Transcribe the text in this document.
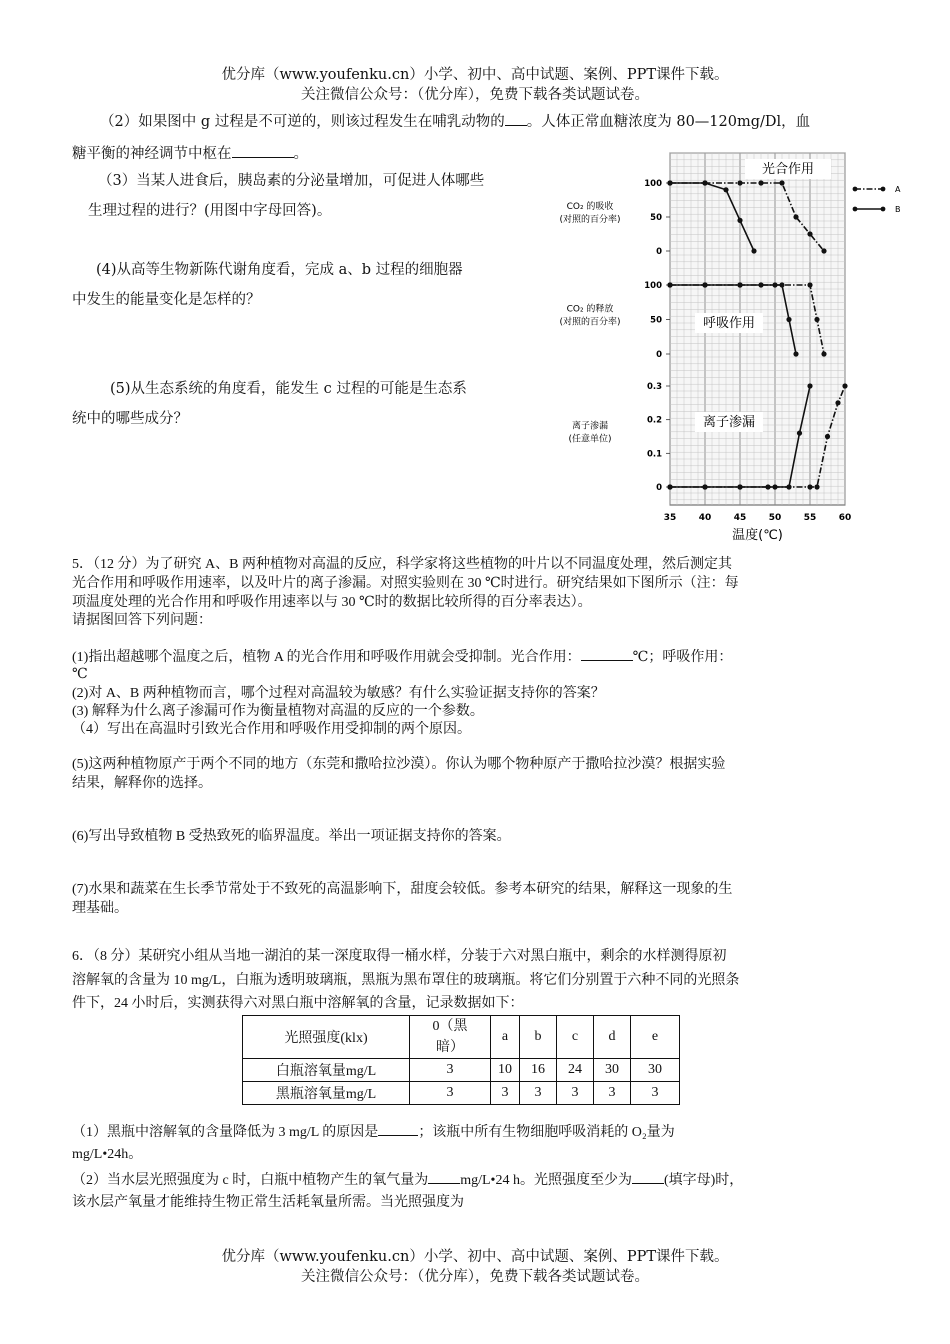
优分库（www.youfenku.cn）小学、初中、高中试题、案例、PPT课件下载。
关注微信公众号：（优分库），免费下载各类试题试卷。
（2）如果图中 g 过程是不可逆的，则该过程发生在哺乳动物的 。人体正常血糖浓度为 80—120mg/Dl，血
糖平衡的神经调节中枢在	。
（3）当某人进食后，胰岛素的分泌量增加，可促进人体哪些
生理过程的进行？(用图中字母回答)。
(4)从高等生物新陈代谢角度看，完成 a、b 过程的细胞器
中发生的能量变化是怎样的？
(5)从生态系统的角度看，能发生 c 过程的可能是生态系
统中的哪些成分？
100
50
0
CO₂ 的吸收
(对照的百分率)
100
50
0
CO₂ 的释放
(对照的百分率)
0.3
0.2
0.1
0
离子渗漏
(任意单位)
光合作用
呼吸作用
离子渗漏
35 40 45 50 55 60
温度(℃)
A
B
5．（12 分）为了研究 A、B 两种植物对高温的反应，科学家将这些植物的叶片以不同温度处理，然后测定其
光合作用和呼吸作用速率，以及叶片的离子渗漏。对照实验则在 30 ℃时进行。研究结果如下图所示（注：每
项温度处理的光合作用和呼吸作用速率以与 30 ℃时的数据比较所得的百分率表达）。
请据图回答下列问题：
(1)指出超越哪个温度之后，植物 A 的光合作用和呼吸作用就会受抑制。光合作用：	℃；呼吸作用：
℃
(2)对 A、B 两种植物而言，哪个过程对高温较为敏感？有什么实验证据支持你的答案？
(3) 解释为什么离子渗漏可作为衡量植物对高温的反应的一个参数。
（4）写出在高温时引致光合作用和呼吸作用受抑制的两个原因。
(5)这两种植物原产于两个不同的地方（东莞和撒哈拉沙漠）。你认为哪个物种原产于撒哈拉沙漠？根据实验
结果，解释你的选择。
(6)写出导致植物 B 受热致死的临界温度。举出一项证据支持你的答案。
(7)水果和蔬菜在生长季节常处于不致死的高温影响下，甜度会较低。参考本研究的结果，解释这一现象的生
理基础。
6．（8 分）某研究小组从当地一湖泊的某一深度取得一桶水样，分装于六对黑白瓶中，剩余的水样测得原初
溶解氧的含量为 10 mg/L，白瓶为透明玻璃瓶，黑瓶为黑布罩住的玻璃瓶。将它们分别置于六种不同的光照条
件下，24 小时后，实测获得六对黑白瓶中溶解氧的含量，记录数据如下：
光照强度(klx)	0（黑
暗）	a	b	c	d	e
白瓶溶氧量mg/L	3	10	16	24	30	30
黑瓶溶氧量mg/L	3	3	3	3	3	3
（1）黑瓶中溶解氧的含量降低为 3 mg/L 的原因是	；该瓶中所有生物细胞呼吸消耗的 O₂量为
mg/L•24h。
（2）当水层光照强度为 c 时，白瓶中植物产生的氧气量为 mg/L•24 h。光照强度至少为 (填字母)时，
该水层产氧量才能维持生物正常生活耗氧量所需。当光照强度为
优分库（www.youfenku.cn）小学、初中、高中试题、案例、PPT课件下载。
关注微信公众号：（优分库），免费下载各类试题试卷。
